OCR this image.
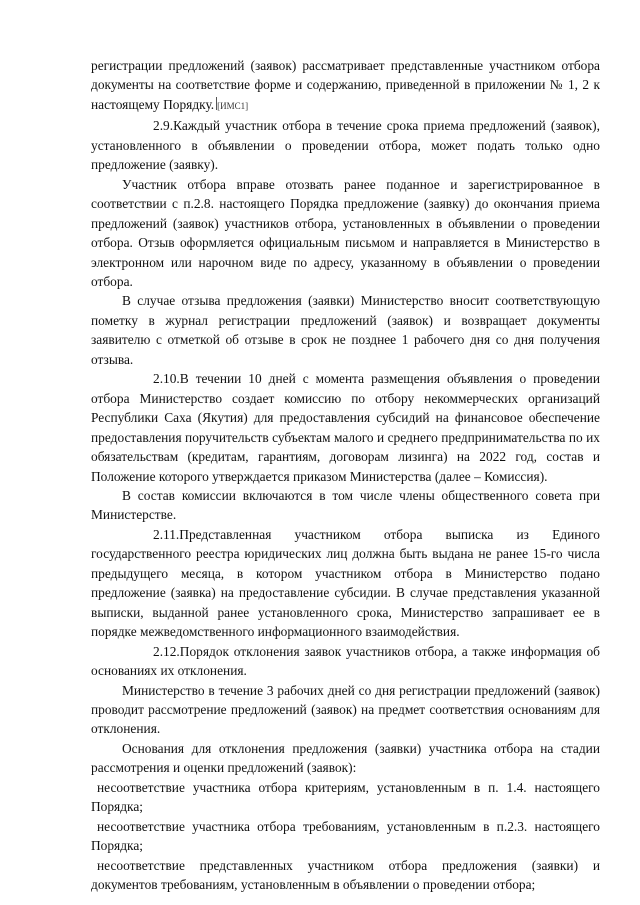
регистрации предложений (заявок) рассматривает представленные участником отбора документы на соответствие форме и содержанию, приведенной в приложении № 1, 2 к настоящему Порядку. [ИМС1]

2.9.Каждый участник отбора в течение срока приема предложений (заявок), установленного в объявлении о проведении отбора, может подать только одно предложение (заявку).

Участник отбора вправе отозвать ранее поданное и зарегистрированное в соответствии с п.2.8. настоящего Порядка предложение (заявку) до окончания приема предложений (заявок) участников отбора, установленных в объявлении о проведении отбора. Отзыв оформляется официальным письмом и направляется в Министерство в электронном или нарочном виде по адресу, указанному в объявлении о проведении отбора.

В случае отзыва предложения (заявки) Министерство вносит соответствующую пометку в журнал регистрации предложений (заявок) и возвращает документы заявителю с отметкой об отзыве в срок не позднее 1 рабочего дня со дня получения отзыва.

2.10.В течении 10 дней с момента размещения объявления о проведении отбора Министерство создает комиссию по отбору некоммерческих организаций Республики Саха (Якутия) для предоставления субсидий на финансовое обеспечение предоставления поручительств субъектам малого и среднего предпринимательства по их обязательствам (кредитам, гарантиям, договорам лизинга) на 2022 год, состав и Положение которого утверждается приказом Министерства (далее – Комиссия).

В состав комиссии включаются в том числе члены общественного совета при Министерстве.

2.11.Представленная участником отбора выписка из Единого государственного реестра юридических лиц должна быть выдана не ранее 15-го числа предыдущего месяца, в котором участником отбора в Министерство подано предложение (заявка) на предоставление субсидии. В случае представления указанной выписки, выданной ранее установленного срока, Министерство запрашивает ее в порядке межведомственного информационного взаимодействия.

2.12.Порядок отклонения заявок участников отбора, а также информация об основаниях их отклонения.

Министерство в течение 3 рабочих дней со дня регистрации предложений (заявок) проводит рассмотрение предложений (заявок) на предмет соответствия основаниям для отклонения.

Основания для отклонения предложения (заявки) участника отбора на стадии рассмотрения и оценки предложений (заявок):

несоответствие участника отбора критериям, установленным в п. 1.4. настоящего Порядка;

несоответствие участника отбора требованиям, установленным в п.2.3. настоящего Порядка;

несоответствие представленных участником отбора предложения (заявки) и документов требованиям, установленным в объявлении о проведении отбора;
